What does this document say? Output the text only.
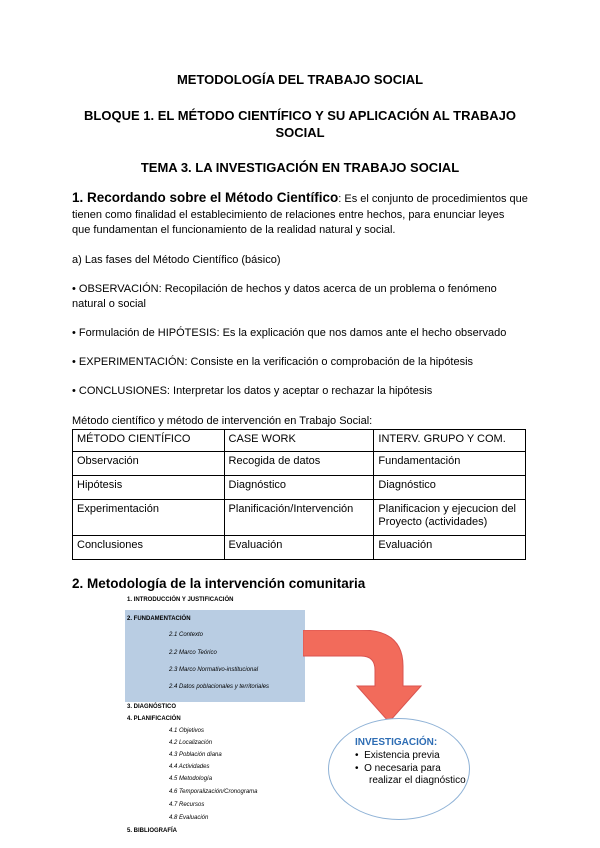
METODOLOGÍA DEL TRABAJO SOCIAL
BLOQUE 1. EL MÉTODO CIENTÍFICO Y SU APLICACIÓN AL TRABAJO
SOCIAL
TEMA 3. LA INVESTIGACIÓN EN TRABAJO SOCIAL
1. Recordando sobre el Método Científico: Es el conjunto de procedimientos que
tienen como finalidad el establecimiento de relaciones entre hechos, para enunciar leyes
que fundamentan el funcionamiento de la realidad natural y social.
a) Las fases del Método Científico (básico)
• OBSERVACIÓN: Recopilación de hechos y datos acerca de un problema o fenómeno
natural o social
• Formulación de HIPÓTESIS: Es la explicación que nos damos ante el hecho observado
• EXPERIMENTACIÓN: Consiste en la verificación o comprobación de la hipótesis
• CONCLUSIONES: Interpretar los datos y aceptar o rechazar la hipótesis
Método científico y método de intervención en Trabajo Social:
MÉTODO CIENTÍFICO	CASE WORK	INTERV. GRUPO Y COM.
Observación	Recogida de datos	Fundamentación
Hipótesis	Diagnóstico	Diagnóstico
Experimentación	Planificación/Intervención	Planificacion y ejecucion del Proyecto (actividades)
Conclusiones	Evaluación	Evaluación
2. Metodología de la intervención comunitaria
1. INTRODUCCIÓN Y JUSTIFICACIÓN
2. FUNDAMENTACIÓN
2.1 Contexto
2.2 Marco Teórico
2.3 Marco Normativo-institucional
2.4 Datos poblacionales y territoriales
3. DIAGNÓSTICO
4. PLANIFICACIÓN
4.1 Objetivos
4.2 Localización
4.3 Población diana
4.4 Actividades
4.5 Metodología
4.6 Temporalización/Cronograma
4.7 Recursos
4.8 Evaluación
5. BIBLIOGRAFÍA
INVESTIGACIÓN:
•  Existencia previa
•  O necesaria para
realizar el diagnóstico
